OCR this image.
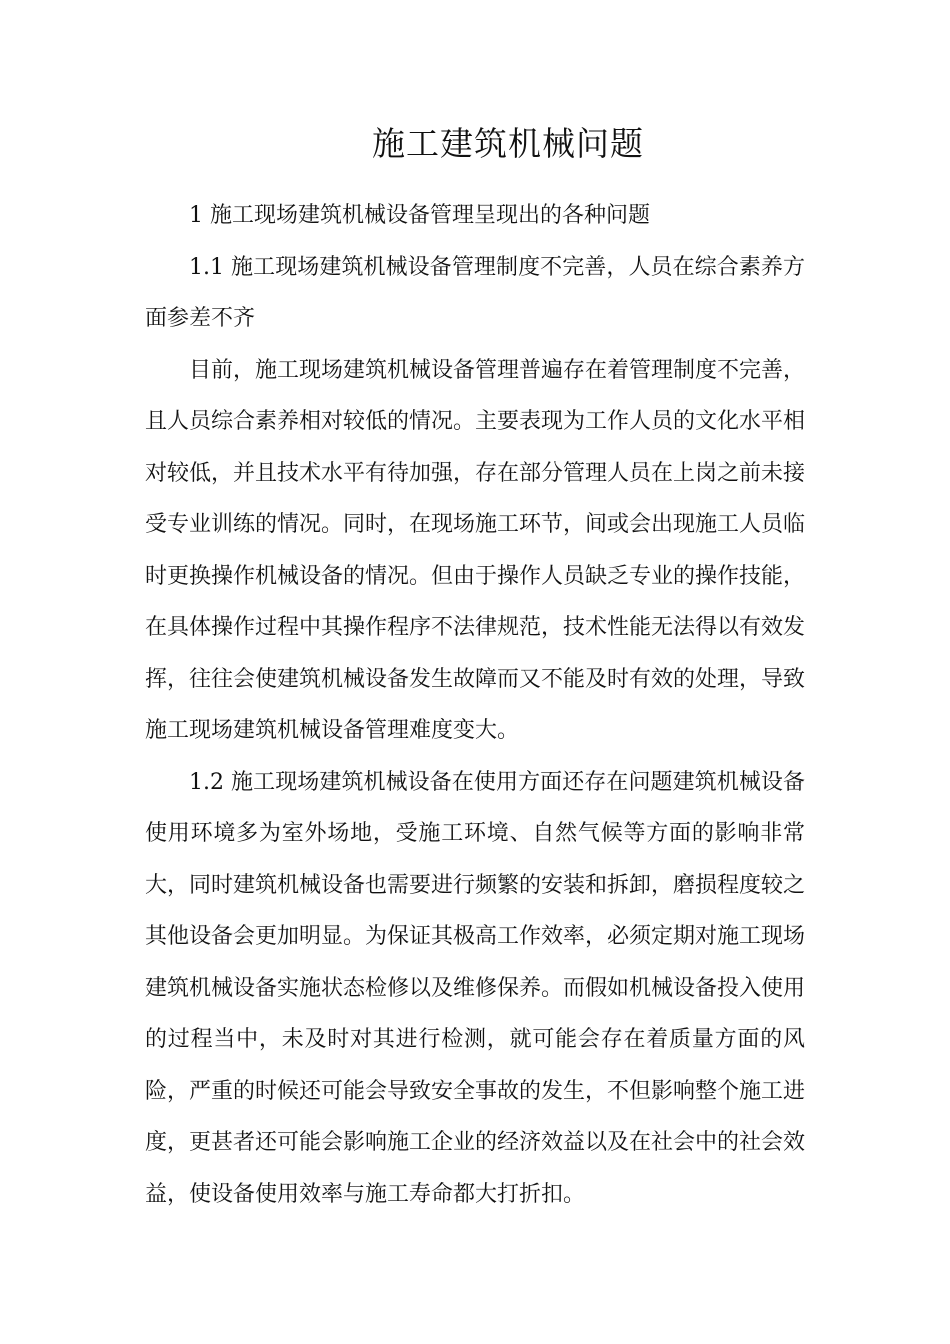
施工建筑机械问题

1 施工现场建筑机械设备管理呈现出的各种问题

1.1 施工现场建筑机械设备管理制度不完善，人员在综合素养方面参差不齐

目前，施工现场建筑机械设备管理普遍存在着管理制度不完善，且人员综合素养相对较低的情况。主要表现为工作人员的文化水平相对较低，并且技术水平有待加强，存在部分管理人员在上岗之前未接受专业训练的情况。同时，在现场施工环节，间或会出现施工人员临时更换操作机械设备的情况。但由于操作人员缺乏专业的操作技能，在具体操作过程中其操作程序不法律规范，技术性能无法得以有效发挥，往往会使建筑机械设备发生故障而又不能及时有效的处理，导致施工现场建筑机械设备管理难度变大。

1.2 施工现场建筑机械设备在使用方面还存在问题建筑机械设备使用环境多为室外场地，受施工环境、自然气候等方面的影响非常大，同时建筑机械设备也需要进行频繁的安装和拆卸，磨损程度较之其他设备会更加明显。为保证其极高工作效率，必须定期对施工现场建筑机械设备实施状态检修以及维修保养。而假如机械设备投入使用的过程当中，未及时对其进行检测，就可能会存在着质量方面的风险，严重的时候还可能会导致安全事故的发生，不但影响整个施工进度，更甚者还可能会影响施工企业的经济效益以及在社会中的社会效益，使设备使用效率与施工寿命都大打折扣。
